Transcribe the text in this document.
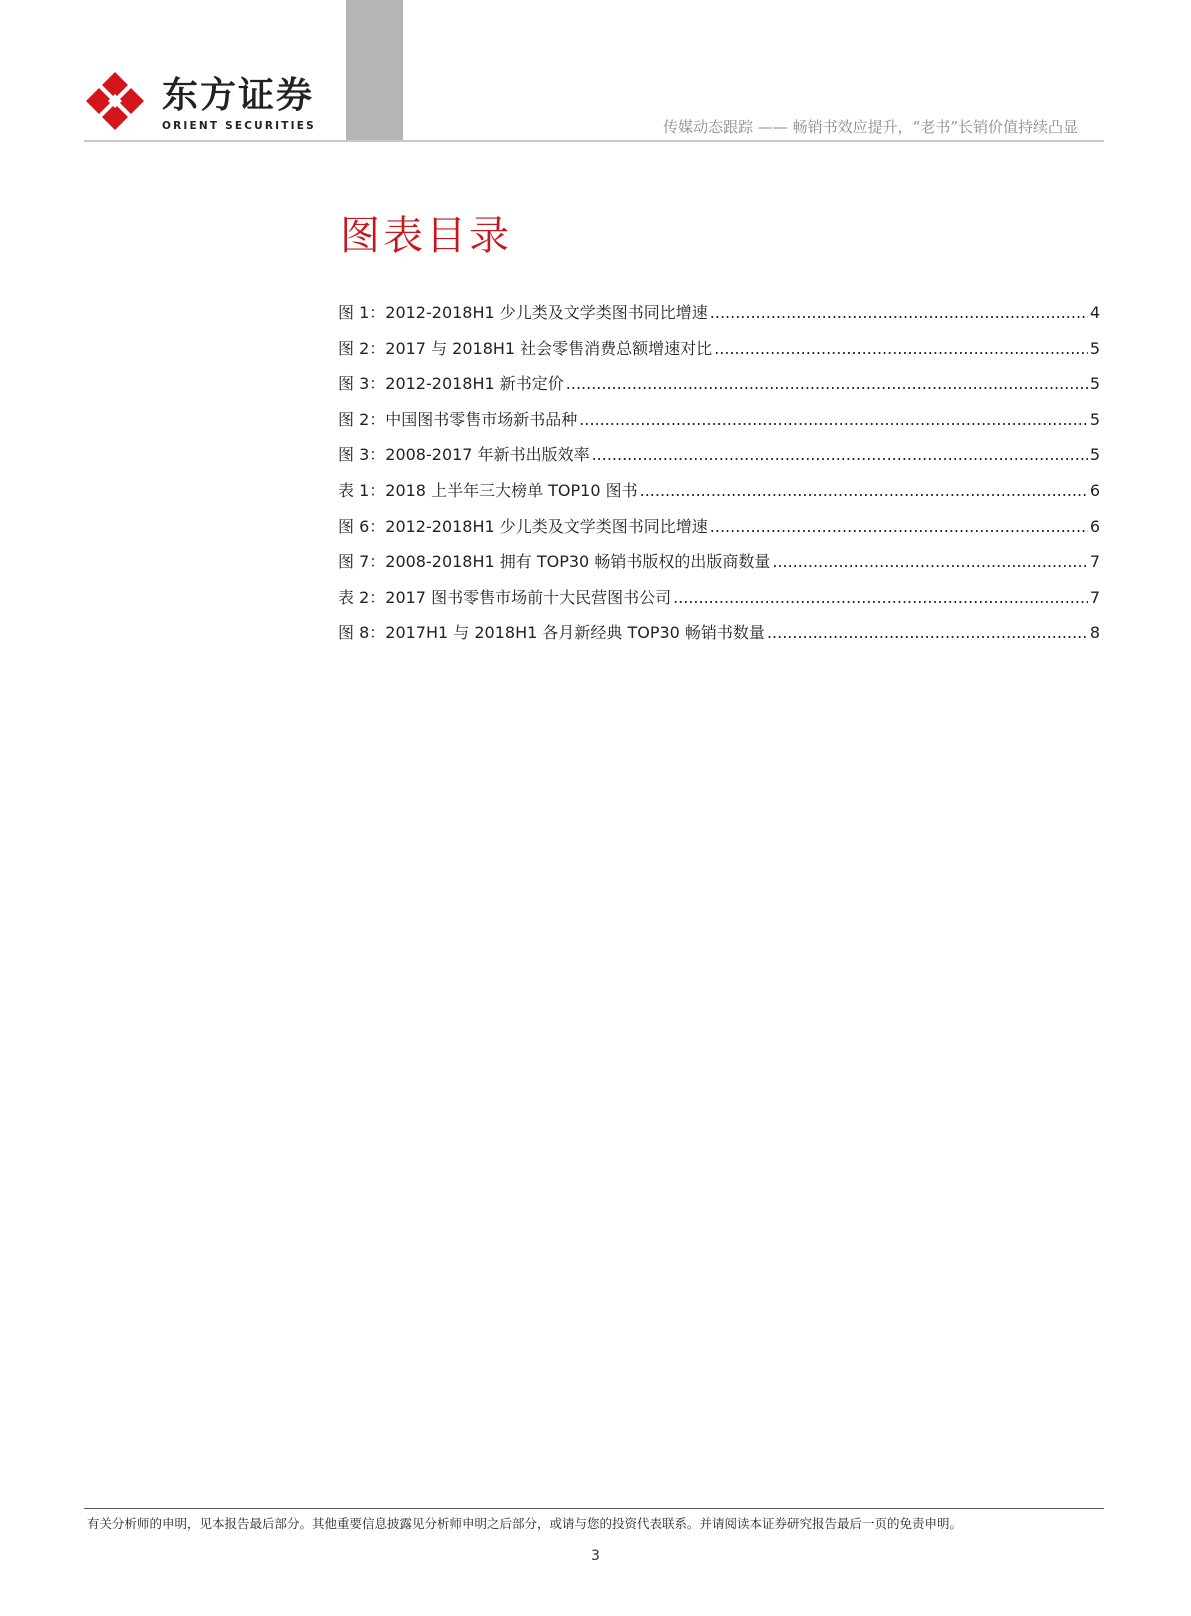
东方证券
ORIENT SECURITIES	传媒动态跟踪 —— 畅销书效应提升，“老书”长销价值持续凸显
图表目录
图 1：2012-2018H1 少儿类及文学类图书同比增速 .....	4
图 2：2017 与 2018H1 社会零售消费总额增速对比 .....	5
图 3：2012-2018H1 新书定价 .....	5
图 2：中国图书零售市场新书品种 .....	5
图 3：2008-2017 年新书出版效率 .....	5
表 1：2018 上半年三大榜单 TOP10 图书 .....	6
图 6：2012-2018H1 少儿类及文学类图书同比增速 .....	6
图 7：2008-2018H1 拥有 TOP30 畅销书版权的出版商数量 .....	7
表 2：2017 图书零售市场前十大民营图书公司 .....	7
图 8：2017H1 与 2018H1 各月新经典 TOP30 畅销书数量 .....	8
有关分析师的申明，见本报告最后部分。其他重要信息披露见分析师申明之后部分，或请与您的投资代表联系。并请阅读本证券研究报告最后一页的免责申明。
3
